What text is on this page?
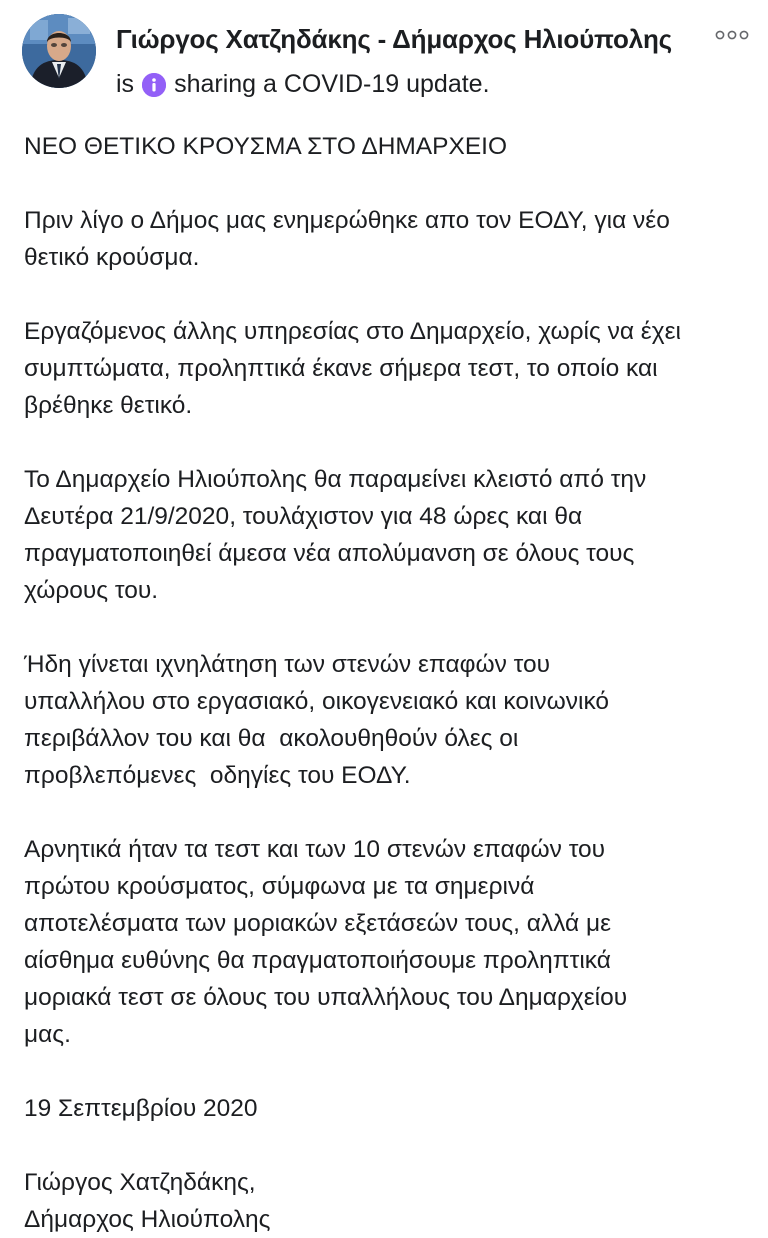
Γιώργος Χατζηδάκης - Δήμαρχος Ηλιούπολης
is sharing a COVID-19 update.
ΝΕΟ ΘΕΤΙΚΟ ΚΡΟΥΣΜΑ ΣΤΟ ΔΗΜΑΡΧΕΙΟ
Πριν λίγο ο Δήμος μας ενημερώθηκε απο τον ΕΟΔΥ, για νέο
θετικό κρούσμα.
Εργαζόμενος άλλης υπηρεσίας στο Δημαρχείο, χωρίς να έχει
συμπτώματα, προληπτικά έκανε σήμερα τεστ, το οποίο και
βρέθηκε θετικό.
Το Δημαρχείο Ηλιούπολης θα παραμείνει κλειστό από την
Δευτέρα 21/9/2020, τουλάχιστον για 48 ώρες και θα
πραγματοποιηθεί άμεσα νέα απολύμανση σε όλους τους
χώρους του.
Ήδη γίνεται ιχνηλάτηση των στενών επαφών του
υπαλλήλου στο εργασιακό, οικογενειακό και κοινωνικό
περιβάλλον του και θα  ακολουθηθούν όλες οι
προβλεπόμενες  οδηγίες του ΕΟΔΥ.
Αρνητικά ήταν τα τεστ και των 10 στενών επαφών του
πρώτου κρούσματος, σύμφωνα με τα σημερινά
αποτελέσματα των μοριακών εξετάσεών τους, αλλά με
αίσθημα ευθύνης θα πραγματοποιήσουμε προληπτικά
μοριακά τεστ σε όλους του υπαλλήλους του Δημαρχείου
μας.
19 Σεπτεμβρίου 2020
Γιώργος Χατζηδάκης,
Δήμαρχος Ηλιούπολης
